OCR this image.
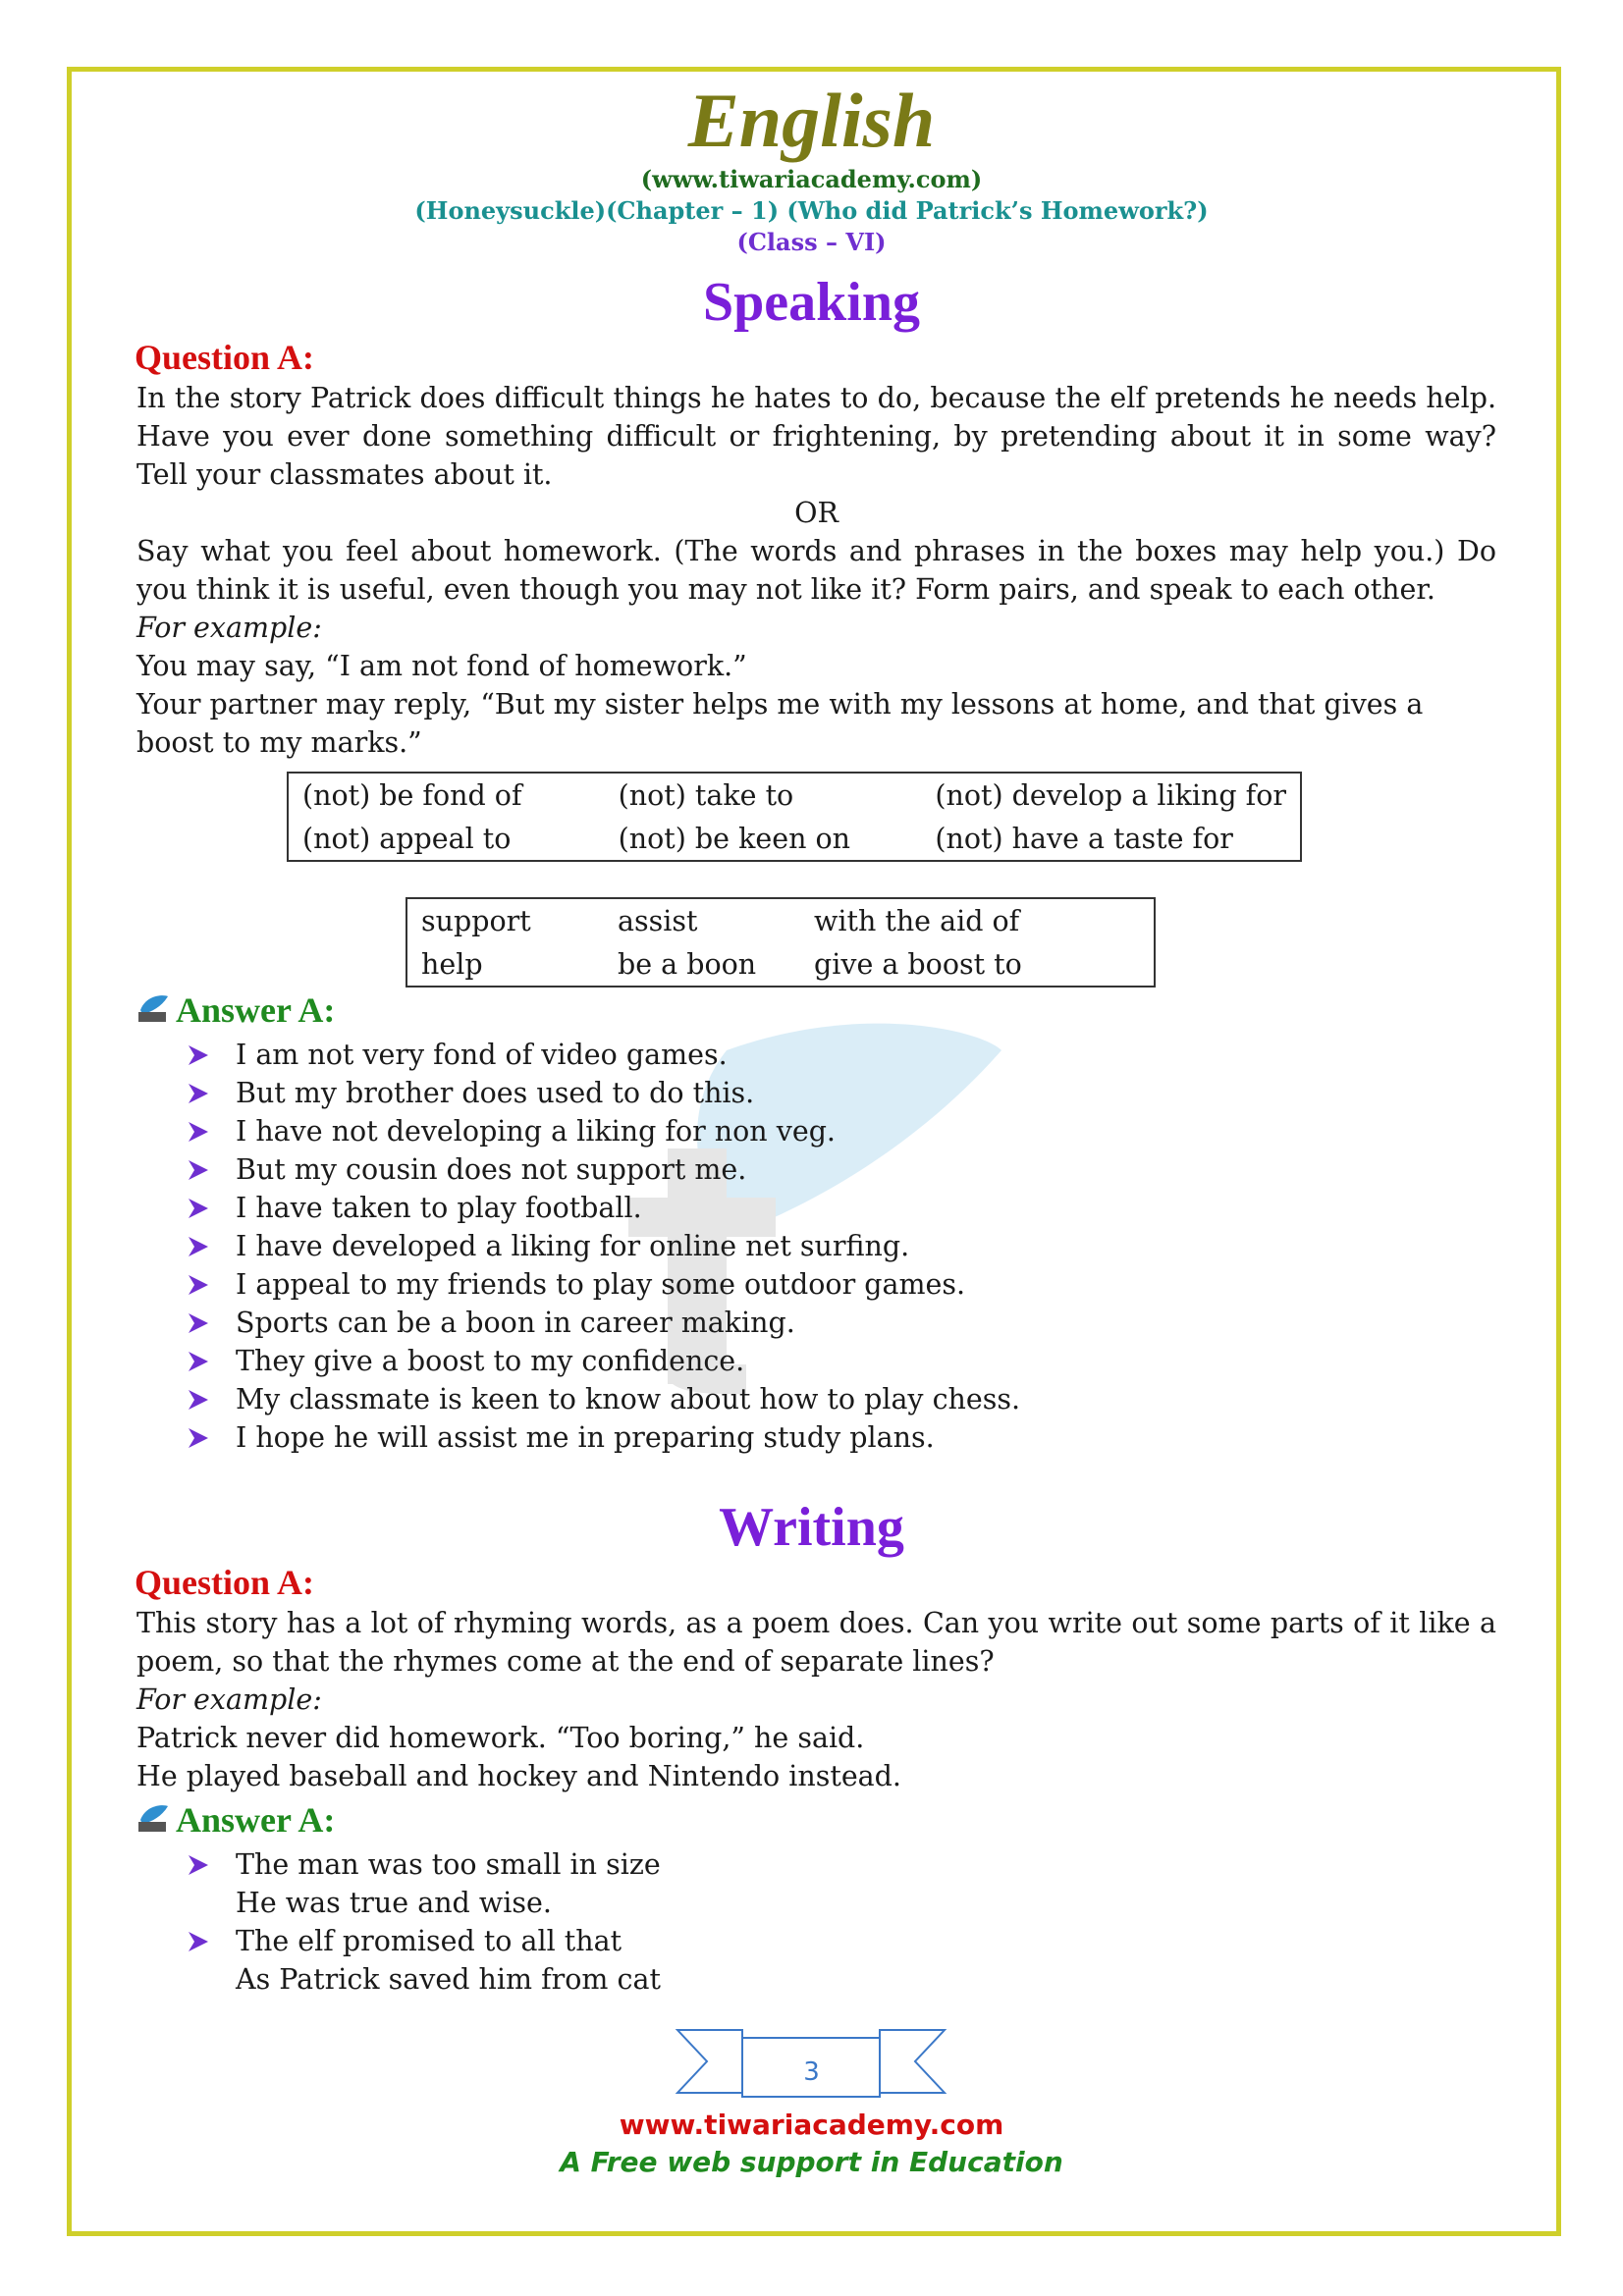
English
(www.tiwariacademy.com)
(Honeysuckle)(Chapter – 1) (Who did Patrick’s Homework?)
(Class – VI)
Speaking
Question A:

In the story Patrick does difficult things he hates to do, because the elf pretends he needs help. Have you ever done something difficult or frightening, by pretending about it in some way? Tell your classmates about it.

OR

Say what you feel about homework. (The words and phrases in the boxes may help you.) Do you think it is useful, even though you may not like it? Form pairs, and speak to each other.

For example:

You may say, “I am not fond of homework.”

Your partner may reply, “But my sister helps me with my lessons at home, and that gives a boost to my marks.”

(not) be fond of	(not) take to	(not) develop a liking for
(not) appeal to	(not) be keen on	(not) have a taste for
support	assist	with the aid of
help	be a boon	give a boost to
Answer A:
I am not very fond of video games.
But my brother does used to do this.
I have not developing a liking for non veg.
But my cousin does not support me.
I have taken to play football.
I have developed a liking for online net surfing.
I appeal to my friends to play some outdoor games.
Sports can be a boon in career making.
They give a boost to my confidence.
My classmate is keen to know about how to play chess.
I hope he will assist me in preparing study plans.
Writing
Question A:

This story has a lot of rhyming words, as a poem does. Can you write out some parts of it like a poem, so that the rhymes come at the end of separate lines?

For example:

Patrick never did homework. “Too boring,” he said.

He played baseball and hockey and Nintendo instead.

Answer A:
The man was too small in size
He was true and wise.
The elf promised to all that
As Patrick saved him from cat
3
www.tiwariacademy.com
A Free web support in Education
